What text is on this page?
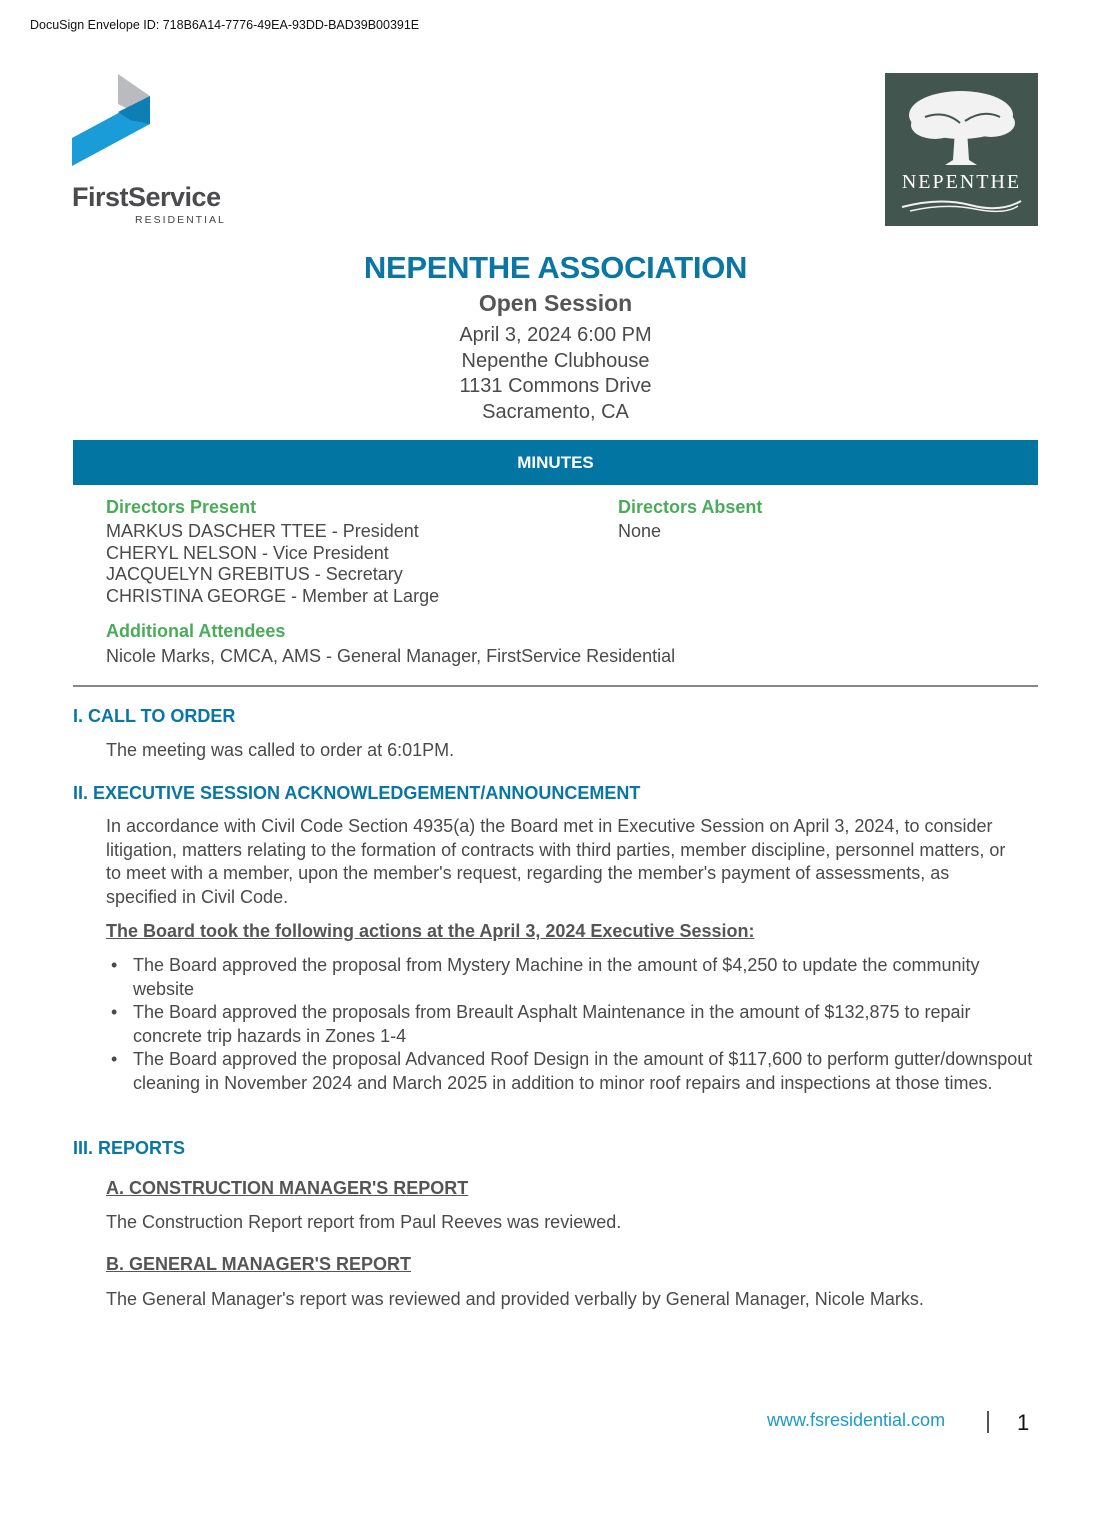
DocuSign Envelope ID: 718B6A14-7776-49EA-93DD-BAD39B00391E
FirstService
RESIDENTIAL
NEPENTHE
NEPENTHE ASSOCIATION
Open Session
April 3, 2024 6:00 PM
Nepenthe Clubhouse
1131 Commons Drive
Sacramento, CA
MINUTES
Directors Present
MARKUS DASCHER TTEE - President
CHERYL NELSON - Vice President
JACQUELYN GREBITUS - Secretary
CHRISTINA GEORGE - Member at Large
Directors Absent
None
Additional Attendees
Nicole Marks, CMCA, AMS - General Manager, FirstService Residential
I. CALL TO ORDER
The meeting was called to order at 6:01PM.
II. EXECUTIVE SESSION ACKNOWLEDGEMENT/ANNOUNCEMENT
In accordance with Civil Code Section 4935(a) the Board met in Executive Session on April 3, 2024, to consider litigation, matters relating to the formation of contracts with third parties, member discipline, personnel matters, or to meet with a member, upon the member's request, regarding the member's payment of assessments, as specified in Civil Code.
The Board took the following actions at the April 3, 2024 Executive Session:
• The Board approved the proposal from Mystery Machine in the amount of $4,250 to update the community website
• The Board approved the proposals from Breault Asphalt Maintenance in the amount of $132,875 to repair concrete trip hazards in Zones 1-4
• The Board approved the proposal Advanced Roof Design in the amount of $117,600 to perform gutter/downspout cleaning in November 2024 and March 2025 in addition to minor roof repairs and inspections at those times.
III. REPORTS
A. CONSTRUCTION MANAGER'S REPORT
The Construction Report report from Paul Reeves was reviewed.
B. GENERAL MANAGER'S REPORT
The General Manager's report was reviewed and provided verbally by General Manager, Nicole Marks.
www.fsresidential.com	1
